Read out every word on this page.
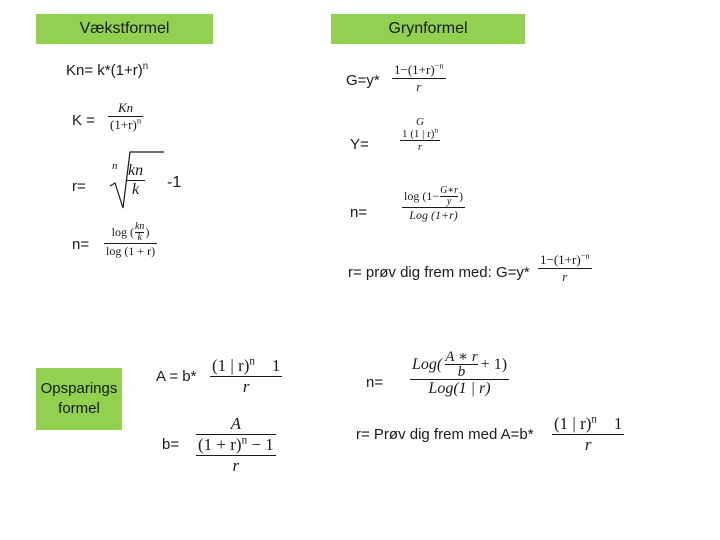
Vækstformel	Grynformel
Opsparings formel
$Kn= k*(1+r)^n$
K =
Kn
$(1+r)^n$
r=
n kn
k -1
n=
log ( kn
k )
log (1 + r)
G=y*
$1-(1+r)^{-n}$
r
Y=
G
1 (1 | r)$^n$
r
n=
log (1− G∗r
y )
Log (1+r)
r= prøv dig frem med: G=y*
$1-(1+r)^{-n}$
r
A = b*
(1 | r)$^n$ 1
r
b=
A
$(1 + r)^n - 1$
r
n=
Log( A ∗ r
b + 1)
Log(1 | r)
r= Prøv dig frem med A=b*
(1 | r)$^n$ 1
r
